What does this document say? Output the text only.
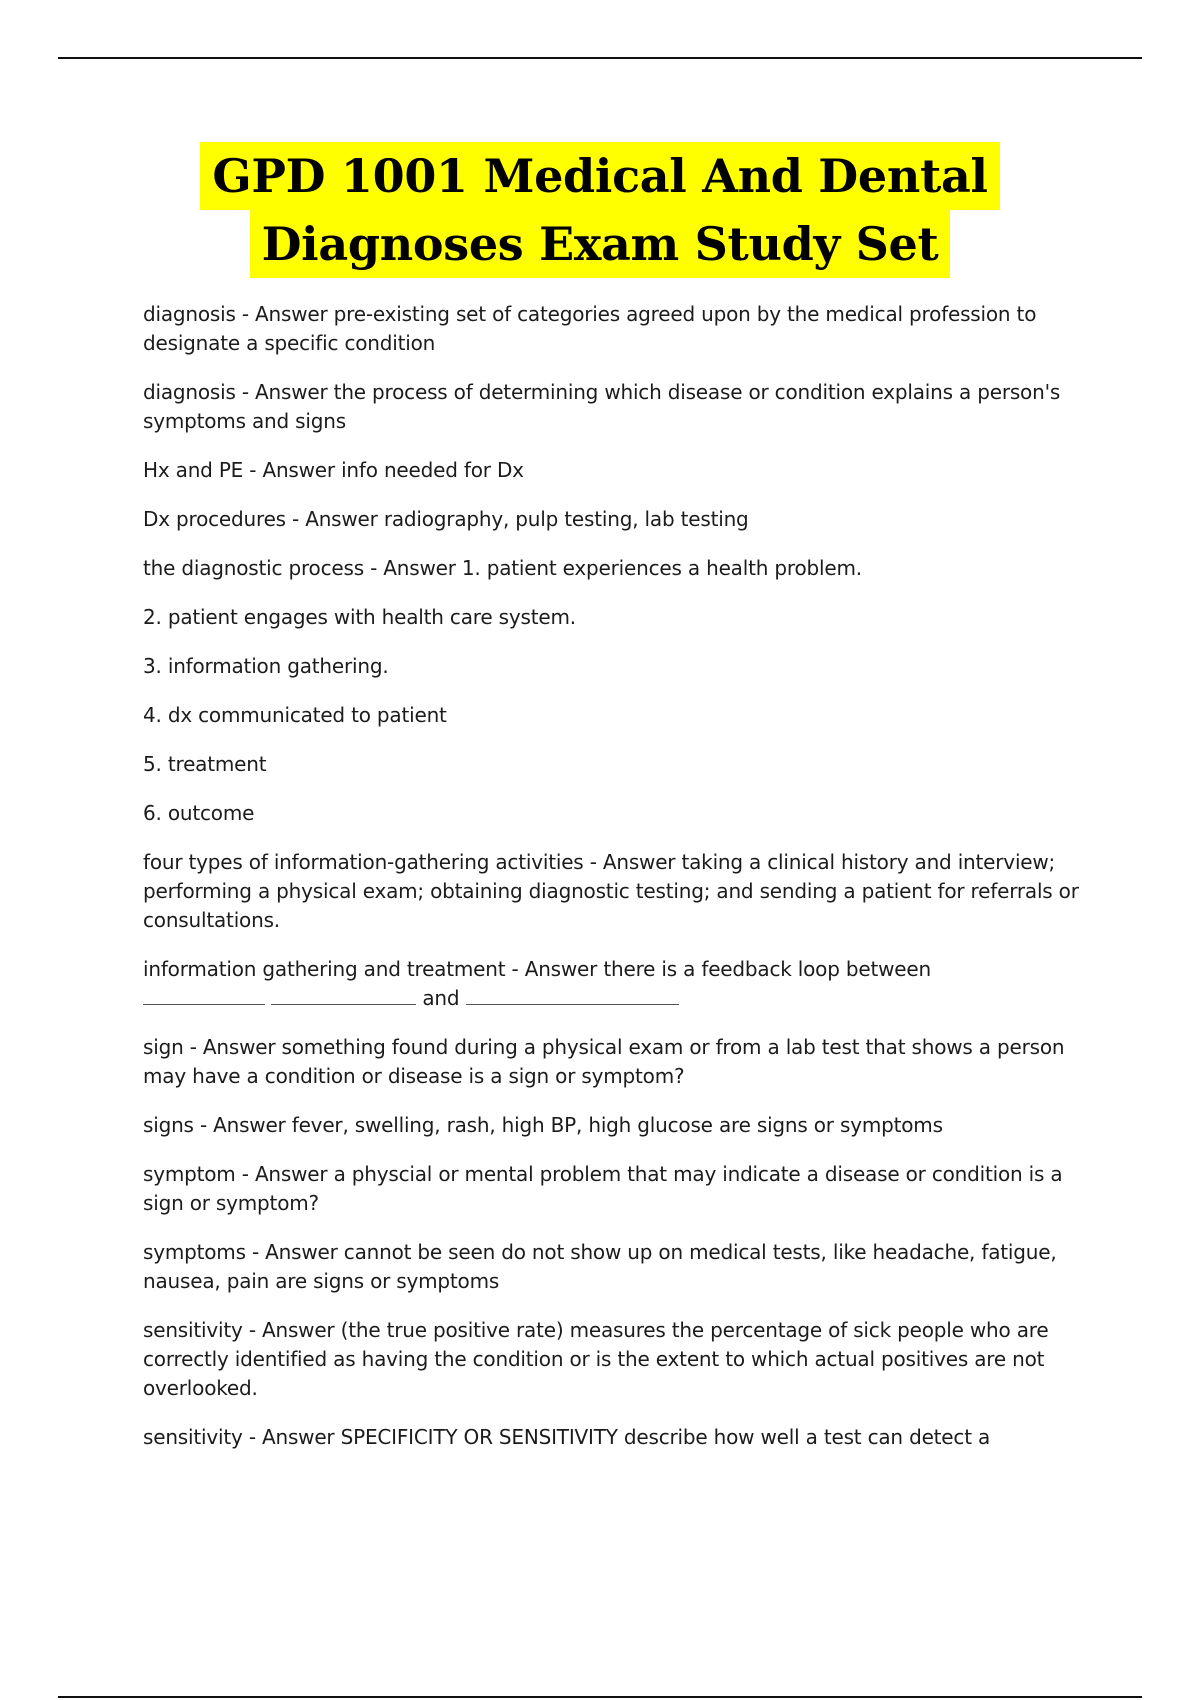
GPD 1001 Medical And Dental
Diagnoses Exam Study Set

diagnosis - Answer pre-existing set of categories agreed upon by the medical profession to designate a specific condition

diagnosis - Answer the process of determining which disease or condition explains a person's symptoms and signs

Hx and PE - Answer info needed for Dx

Dx procedures - Answer radiography, pulp testing, lab testing

the diagnostic process - Answer 1. patient experiences a health problem.

2. patient engages with health care system.

3. information gathering.

4. dx communicated to patient

5. treatment

6. outcome

four types of information-gathering activities - Answer taking a clinical history and interview; performing a physical exam; obtaining diagnostic testing; and sending a patient for referrals or consultations.

information gathering and treatment - Answer there is a feedback loop between
and

sign - Answer something found during a physical exam or from a lab test that shows a person may have a condition or disease is a sign or symptom?

signs - Answer fever, swelling, rash, high BP, high glucose are signs or symptoms

symptom - Answer a physcial or mental problem that may indicate a disease or condition is a sign or symptom?

symptoms - Answer cannot be seen do not show up on medical tests, like headache, fatigue, nausea, pain are signs or symptoms

sensitivity - Answer (the true positive rate) measures the percentage of sick people who are correctly identified as having the condition or is the extent to which actual positives are not overlooked.

sensitivity - Answer SPECIFICITY OR SENSITIVITY describe how well a test can detect a
